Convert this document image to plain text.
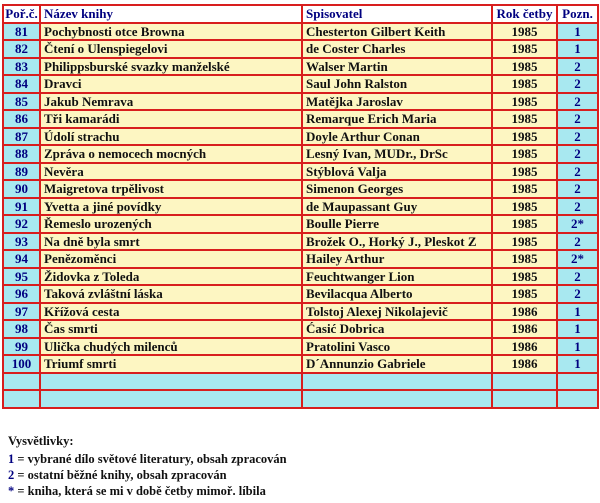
Poř.č.	Název knihy	Spisovatel	Rok četby	Pozn.
81	Pochybnosti otce Browna	Chesterton Gilbert Keith	1985	1
82	Čtení o Ulenspiegelovi	de Coster Charles	1985	1
83	Philippsburské svazky manželské	Walser Martin	1985	2
84	Dravci	Saul John Ralston	1985	2
85	Jakub Nemrava	Matějka Jaroslav	1985	2
86	Tři kamarádi	Remarque Erich Maria	1985	2
87	Údolí strachu	Doyle Arthur Conan	1985	2
88	Zpráva o nemocech mocných	Lesný Ivan, MUDr., DrSc	1985	2
89	Nevěra	Stýblová Valja	1985	2
90	Maigretova trpělivost	Simenon Georges	1985	2
91	Yvetta a jiné povídky	de Maupassant Guy	1985	2
92	Řemeslo urozených	Boulle Pierre	1985	2*
93	Na dně byla smrt	Brožek O., Horký J., Pleskot Z	1985	2
94	Penězoměnci	Hailey Arthur	1985	2*
95	Židovka z Toleda	Feuchtwanger Lion	1985	2
96	Taková zvláštní láska	Bevilacqua Alberto	1985	2
97	Křížová cesta	Tolstoj Alexej Nikolajevič	1986	1
98	Čas smrti	Ćasić Dobrica	1986	1
99	Ulička chudých milenců	Pratolini Vasco	1986	1
100	Triumf smrti	D´Annunzio Gabriele	1986	1

Vysvětlivky:
1 = vybrané dílo světové literatury, obsah zpracován
2 = ostatní běžné knihy, obsah zpracován
* = kniha, která se mi v době četby mimoř. líbila
